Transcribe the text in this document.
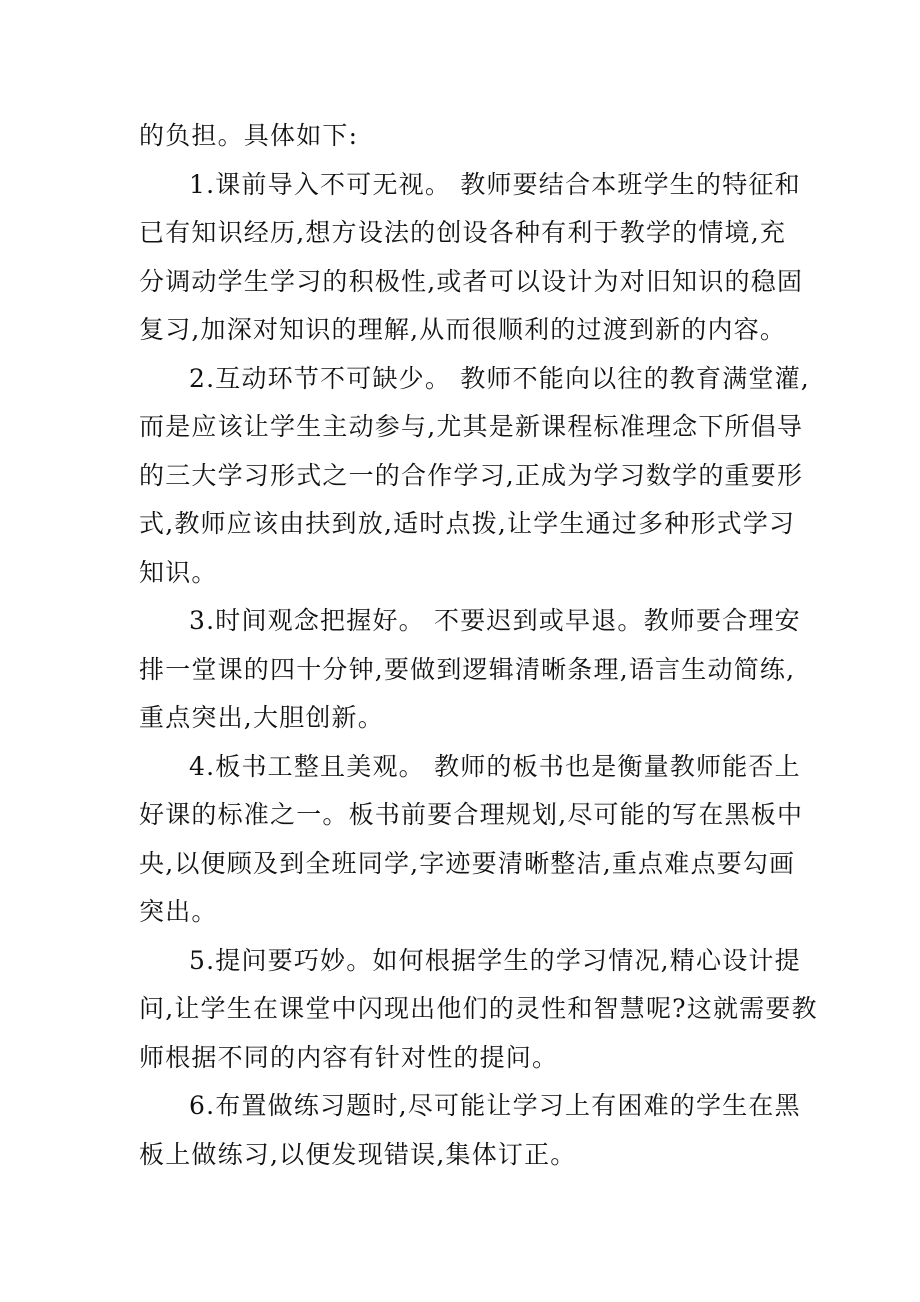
的负担。具体如下:
1.课前导入不可无视。 教师要结合本班学生的特征和
已有知识经历,想方设法的创设各种有利于教学的情境,充
分调动学生学习的积极性,或者可以设计为对旧知识的稳固
复习,加深对知识的理解,从而很顺利的过渡到新的内容。
2.互动环节不可缺少。 教师不能向以往的教育满堂灌,
而是应该让学生主动参与,尤其是新课程标准理念下所倡导
的三大学习形式之一的合作学习,正成为学习数学的重要形
式,教师应该由扶到放,适时点拨,让学生通过多种形式学习
知识。
3.时间观念把握好。 不要迟到或早退。教师要合理安
排一堂课的四十分钟,要做到逻辑清晰条理,语言生动简练,
重点突出,大胆创新。
4.板书工整且美观。 教师的板书也是衡量教师能否上
好课的标准之一。板书前要合理规划,尽可能的写在黑板中
央,以便顾及到全班同学,字迹要清晰整洁,重点难点要勾画
突出。
5.提问要巧妙。如何根据学生的学习情况,精心设计提
问,让学生在课堂中闪现出他们的灵性和智慧呢?这就需要教
师根据不同的内容有针对性的提问。
6.布置做练习题时,尽可能让学习上有困难的学生在黑
板上做练习,以便发现错误,集体订正。
